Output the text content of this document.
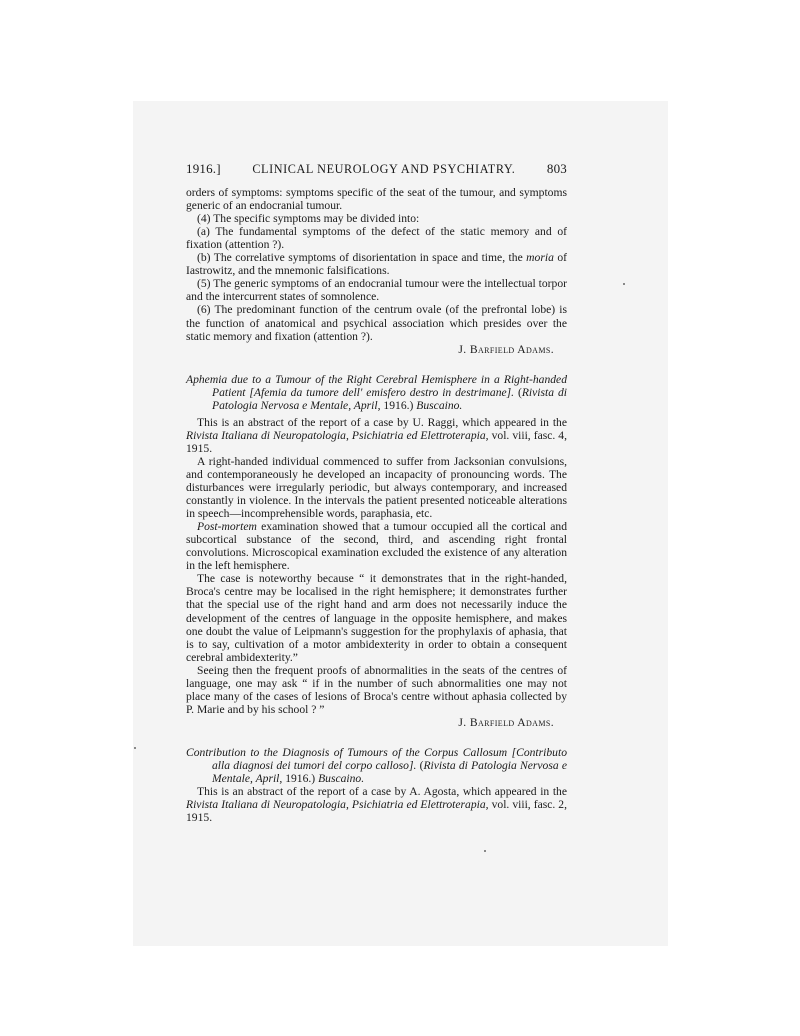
1916.]	CLINICAL NEUROLOGY AND PSYCHIATRY. 803

orders of symptoms: symptoms specific of the seat of the tumour, and symptoms generic of an endocranial tumour.

(4) The specific symptoms may be divided into:

(a) The fundamental symptoms of the defect of the static memory and of fixation (attention ?).

(b) The correlative symptoms of disorientation in space and time, the moria of Iastrowitz, and the mnemonic falsifications.

(5) The generic symptoms of an endocranial tumour were the intellectual torpor and the intercurrent states of somnolence.

(6) The predominant function of the centrum ovale (of the prefrontal lobe) is the function of anatomical and psychical association which presides over the static memory and fixation (attention ?).

J. Barfield Adams.

Aphemia due to a Tumour of the Right Cerebral Hemisphere in a Right-handed Patient [Afemia da tumore dell' emisfero destro in destrimane]. (Rivista di Patologia Nervosa e Mentale, April, 1916.) Buscaino.

This is an abstract of the report of a case by U. Raggi, which appeared in the Rivista Italiana di Neuropatologia, Psichiatria ed Elettroterapia, vol. viii, fasc. 4, 1915.

A right-handed individual commenced to suffer from Jacksonian convulsions, and contemporaneously he developed an incapacity of pronouncing words. The disturbances were irregularly periodic, but always contemporary, and increased constantly in violence. In the intervals the patient presented noticeable alterations in speech—incomprehensible words, paraphasia, etc.

Post-mortem examination showed that a tumour occupied all the cortical and subcortical substance of the second, third, and ascending right frontal convolutions. Microscopical examination excluded the existence of any alteration in the left hemisphere.

The case is noteworthy because “ it demonstrates that in the right-handed, Broca's centre may be localised in the right hemisphere; it demonstrates further that the special use of the right hand and arm does not necessarily induce the development of the centres of language in the opposite hemisphere, and makes one doubt the value of Leipmann's suggestion for the prophylaxis of aphasia, that is to say, cultivation of a motor ambidexterity in order to obtain a consequent cerebral ambidexterity.”

Seeing then the frequent proofs of abnormalities in the seats of the centres of language, one may ask “ if in the number of such abnormalities one may not place many of the cases of lesions of Broca's centre without aphasia collected by P. Marie and by his school ? ”

J. Barfield Adams.

Contribution to the Diagnosis of Tumours of the Corpus Callosum [Contributo alla diagnosi dei tumori del corpo calloso]. (Rivista di Patologia Nervosa e Mentale, April, 1916.) Buscaino.

This is an abstract of the report of a case by A. Agosta, which appeared in the Rivista Italiana di Neuropatologia, Psichiatria ed Elettroterapia, vol. viii, fasc. 2, 1915.
